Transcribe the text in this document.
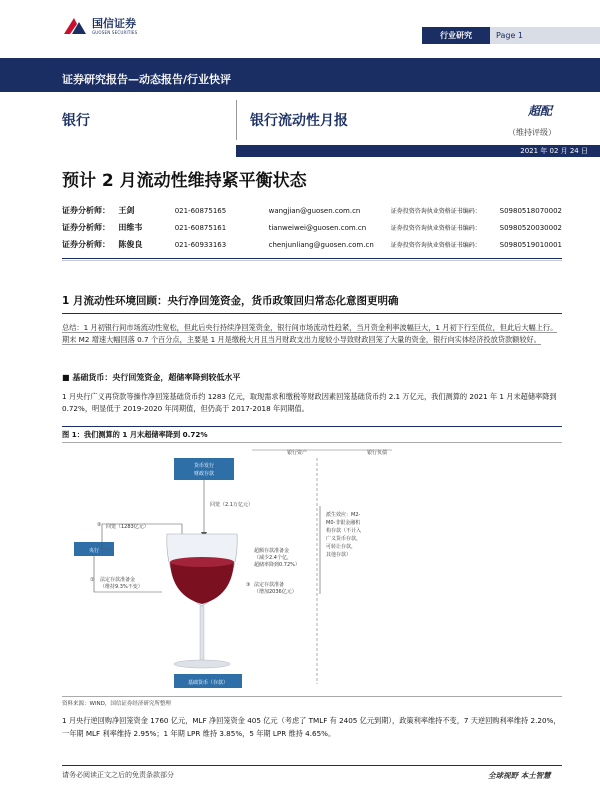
国信证券
GUOSEN SECURITIES	行业研究	Page 1
证券研究报告—动态报告/行业快评
银行	银行流动性月报
超配
（维持评级）
2021 年 02 月 24 日
预计 2 月流动性维持紧平衡状态
证券分析师：	王剑	021-60875165	wangjian@guosen.com.cn	证券投资咨询执业资格证书编码：	S0980518070002
证券分析师：	田维韦	021-60875161	tianweiwei@guosen.com.cn	证券投资咨询执业资格证书编码：	S0980520030002
证券分析师：	陈俊良	021-60933163	chenjunliang@guosen.com.cn	证券投资咨询执业资格证书编码：	S0980519010001
1 月流动性环境回顾：央行净回笼资金，货币政策回归常态化意图更明确
总结：1 月初银行间市场流动性宽松，但此后央行持续净回笼资金，银行间市场流动性趋紧，当月资金利率波幅巨大，1 月初下行至低位，但此后大幅上行。期末 M2 增速大幅回落 0.7 个百分点，主要是 1 月是缴税大月且当月财政支出力度较小导致财政回笼了大量的资金，银行向实体经济投放贷款额较好。
■ 基础货币：央行回笼资金，超储率降到较低水平
1 月央行广义再贷款等操作净回笼基础货币约 1283 亿元，取现需求和缴税等财政因素回笼基础货币约 2.1 万亿元，我们测算的 2021 年 1 月末超储率降到 0.72%，明显低于 2019-2020 年同期值，但仍高于 2017-2018 年同期值。
图 1：我们测算的 1 月末超储率降到 0.72%
银行资产	银行负债
货币发行
财政存款
回笼（2.1万亿元）
央行
② 回笼（1283亿元）
① 法定存款准备金
（维持9.3%不变）
超额存款准备金
（减少2.4个亿，
超储率降到0.72%）
③ 法定存款准备
（增加2036亿元）
派生效应：M2-
M0-非银金融机
构存款（不计入
广义货币存款，
可转让存款，
其他存款）
基础货币（存款）
资料来源：WIND，国信证券经济研究所整理
1 月央行逆回购净回笼资金 1760 亿元，MLF 净回笼资金 405 亿元（考虑了 TMLF 有 2405 亿元到期），政策利率维持不变，7 天逆回购利率维持 2.20%，一年期 MLF 利率维持 2.95%；1 年期 LPR 维持 3.85%，5 年期 LPR 维持 4.65%。
请务必阅读正文之后的免责条款部分	全球视野 本土智慧
